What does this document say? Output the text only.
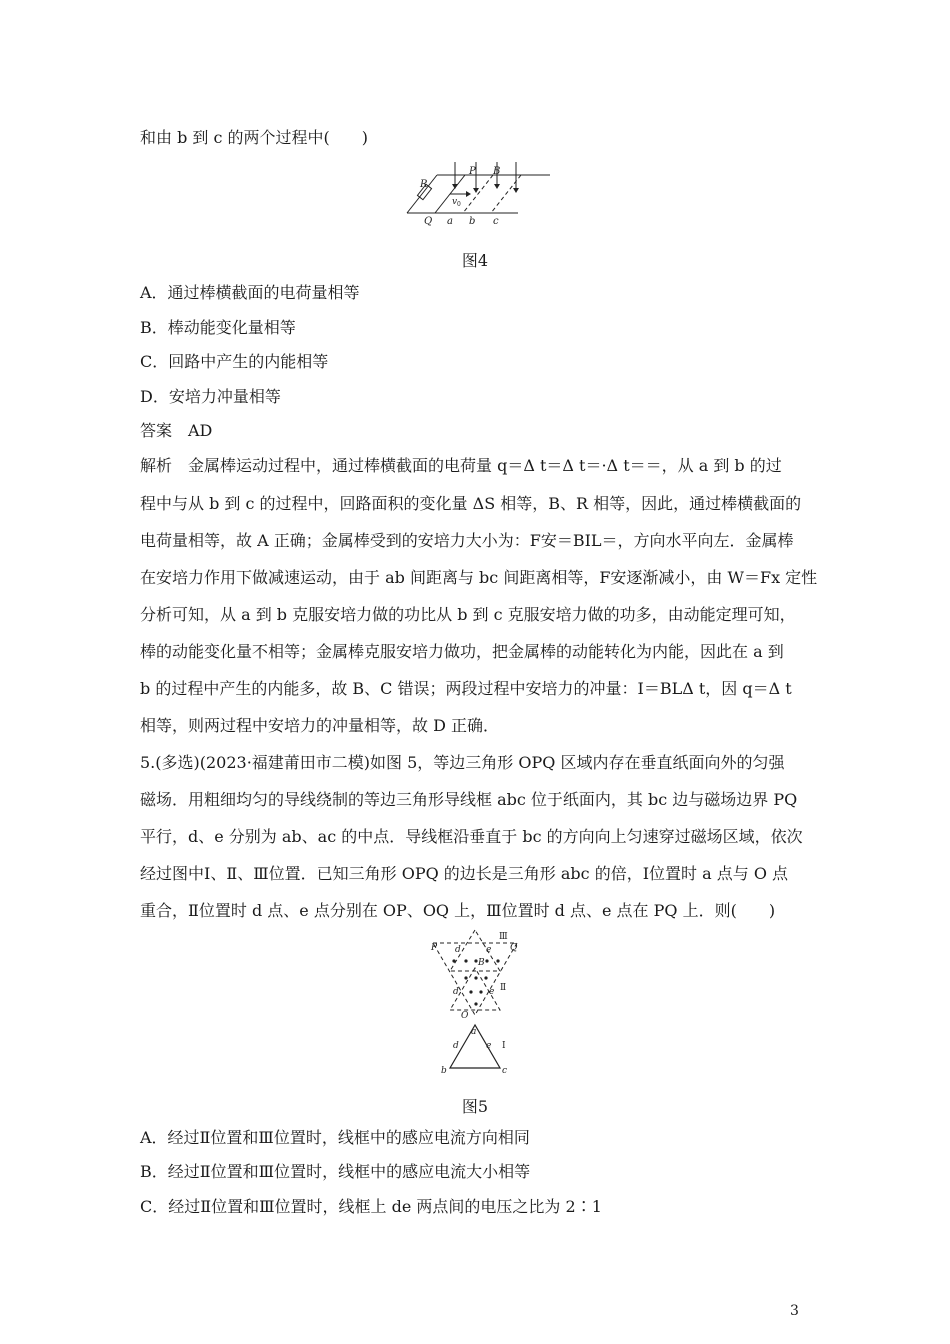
和由 b 到 c 的两个过程中(　　)
R
P B
v 0
Q a b c
图4
A．通过棒横截面的电荷量相等
B．棒动能变化量相等
C．回路中产生的内能相等
D．安培力冲量相等
答案　AD
解析　金属棒运动过程中，通过棒横截面的电荷量 q＝Δ t＝Δ t＝·Δ t＝＝，从 a 到 b 的过
程中与从 b 到 c 的过程中，回路面积的变化量 ΔS 相等，B、R 相等，因此，通过棒横截面的
电荷量相等，故 A 正确；金属棒受到的安培力大小为：F安＝BIL＝，方向水平向左．金属棒
在安培力作用下做减速运动，由于 ab 间距离与 bc 间距离相等，F安逐渐减小，由 W＝Fx 定性
分析可知，从 a 到 b 克服安培力做的功比从 b 到 c 克服安培力做的功多，由动能定理可知，
棒的动能变化量不相等；金属棒克服安培力做功，把金属棒的动能转化为内能，因此在 a 到
b 的过程中产生的内能多，故 B、C 错误；两段过程中安培力的冲量：I＝BLΔ t，因 q＝Δ t
相等，则两过程中安培力的冲量相等，故 D 正确．
5.(多选)(2023·福建莆田市二模)如图 5，等边三角形 OPQ 区域内存在垂直纸面向外的匀强
磁场．用粗细均匀的导线绕制的等边三角形导线框 abc 位于纸面内，其 bc 边与磁场边界 PQ
平行，d、e 分别为 ab、ac 的中点．导线框沿垂直于 bc 的方向向上匀速穿过磁场区域，依次
经过图中Ⅰ、Ⅱ、Ⅲ位置．已知三角形 OPQ 的边长是三角形 abc 的倍，Ⅰ位置时 a 点与 O 点
重合，Ⅱ位置时 d 点、e 点分别在 OP、OQ 上，Ⅲ位置时 d 点、e 点在 PQ 上．则(　　)
P	Q
Ⅲ
d	e
B
Ⅱ
d	e
O
a
Ⅰ
d	e
b	c
图5
A．经过Ⅱ位置和Ⅲ位置时，线框中的感应电流方向相同
B．经过Ⅱ位置和Ⅲ位置时，线框中的感应电流大小相等
C．经过Ⅱ位置和Ⅲ位置时，线框上 de 两点间的电压之比为 2∶1
3
